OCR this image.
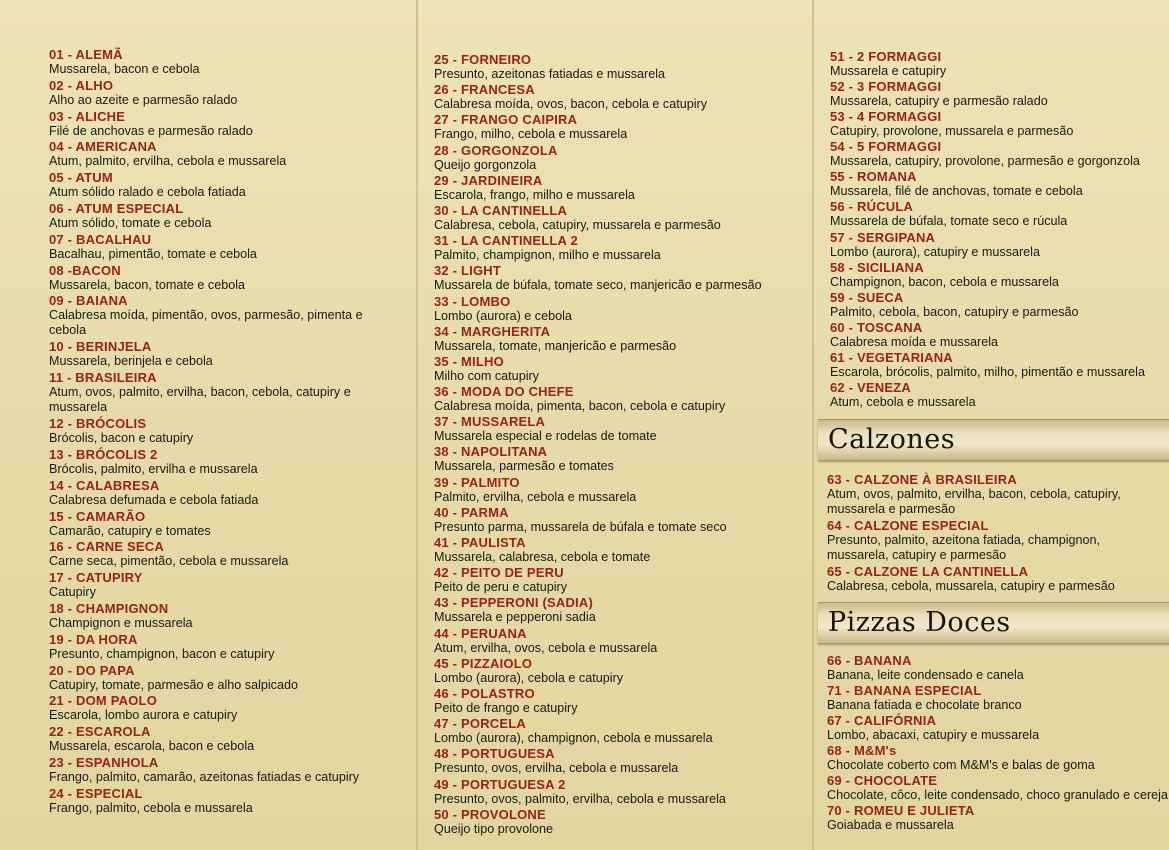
01 - ALEMÃ
Mussarela, bacon e cebola
02 - ALHO
Alho ao azeite e parmesão ralado
03 - ALICHE
Filé de anchovas e parmesão ralado
04 - AMERICANA
Atum, palmito, ervilha, cebola e mussarela
05 - ATUM
Atum sólido ralado e cebola fatiada
06 - ATUM ESPECIAL
Atum sólido, tomate e cebola
07 - BACALHAU
Bacalhau, pimentão, tomate e cebola
08 -BACON
Mussarela, bacon, tomate e cebola
09 - BAIANA
Calabresa moída, pimentão, ovos, parmesão, pimenta e cebola
10 - BERINJELA
Mussarela, berinjela e cebola
11 - BRASILEIRA
Atum, ovos, palmito, ervilha, bacon, cebola, catupiry e mussarela
12 - BRÓCOLIS
Brócolis, bacon e catupiry
13 - BRÓCOLIS 2
Brócolis, palmito, ervilha e mussarela
14 - CALABRESA
Calabresa defumada e cebola fatiada
15 - CAMARÃO
Camarão, catupiry e tomates
16 - CARNE SECA
Carne seca, pimentão, cebola e mussarela
17 - CATUPIRY
Catupiry
18 - CHAMPIGNON
Champignon e mussarela
19 - DA HORA
Presunto, champignon, bacon e catupiry
20 - DO PAPA
Catupiry, tomate, parmesão e alho salpicado
21 - DOM PAOLO
Escarola, lombo aurora e catupiry
22 - ESCAROLA
Mussarela, escarola, bacon e cebola
23 - ESPANHOLA
Frango, palmito, camarão, azeitonas fatiadas e catupiry
24 - ESPECIAL
Frango, palmito, cebola e mussarela
25 - FORNEIRO
Presunto, azeitonas fatiadas e mussarela
26 - FRANCESA
Calabresa moída, ovos, bacon, cebola e catupiry
27 - FRANGO CAIPIRA
Frango, milho, cebola e mussarela
28 - GORGONZOLA
Queijo gorgonzola
29 - JARDINEIRA
Escarola, frango, milho e mussarela
30 - LA CANTINELLA
Calabresa, cebola, catupiry, mussarela e parmesão
31 - LA CANTINELLA 2
Palmito, champignon, milho e mussarela
32 - LIGHT
Mussarela de búfala, tomate seco, manjericão e parmesão
33 - LOMBO
Lombo (aurora) e cebola
34 - MARGHERITA
Mussarela, tomate, manjericão e parmesão
35 - MILHO
Milho com catupiry
36 - MODA DO CHEFE
Calabresa moída, pimenta, bacon, cebola e catupiry
37 - MUSSARELA
Mussarela especial e rodelas de tomate
38 - NAPOLITANA
Mussarela, parmesão e tomates
39 - PALMITO
Palmito, ervilha, cebola e mussarela
40 - PARMA
Presunto parma, mussarela de búfala e tomate seco
41 - PAULISTA
Mussarela, calabresa, cebola e tomate
42 - PEITO DE PERU
Peito de peru e catupiry
43 - PEPPERONI (SADIA)
Mussarela e pepperoni sadia
44 - PERUANA
Atum, ervilha, ovos, cebola e mussarela
45 - PIZZAIOLO
Lombo (aurora), cebola e catupiry
46 - POLASTRO
Peito de frango e catupiry
47 - PORCELA
Lombo (aurora), champignon, cebola e mussarela
48 - PORTUGUESA
Presunto, ovos, ervilha, cebola e mussarela
49 - PORTUGUESA 2
Presunto, ovos, palmito, ervilha, cebola e mussarela
50 - PROVOLONE
Queijo tipo provolone
51 - 2 FORMAGGI
Mussarela e catupiry
52 - 3 FORMAGGI
Mussarela, catupiry e parmesão ralado
53 - 4 FORMAGGI
Catupiry, provolone, mussarela e parmesão
54 - 5 FORMAGGI
Mussarela, catupiry, provolone, parmesão e gorgonzola
55 - ROMANA
Mussarela, filé de anchovas, tomate e cebola
56 - RÚCULA
Mussarela de búfala, tomate seco e rúcula
57 - SERGIPANA
Lombo (aurora), catupiry e mussarela
58 - SICILIANA
Champignon, bacon, cebola e mussarela
59 - SUECA
Palmito, cebola, bacon, catupiry e parmesão
60 - TOSCANA
Calabresa moída e mussarela
61 - VEGETARIANA
Escarola, brócolis, palmito, milho, pimentão e mussarela
62 - VENEZA
Atum, cebola e mussarela
Calzones
63 - CALZONE À BRASILEIRA
Atum, ovos, palmito, ervilha, bacon, cebola, catupiry, mussarela e parmesão
64 - CALZONE ESPECIAL
Presunto, palmito, azeitona fatiada, champignon, mussarela, catupiry e parmesão
65 - CALZONE LA CANTINELLA
Calabresa, cebola, mussarela, catupiry e parmesão
Pizzas Doces
66 - BANANA
Banana, leite condensado e canela
71 - BANANA ESPECIAL
Banana fatiada e chocolate branco
67 - CALIFÓRNIA
Lombo, abacaxi, catupiry e mussarela
68 - M&M's
Chocolate coberto com M&M's e balas de goma
69 - CHOCOLATE
Chocolate, côco, leite condensado, choco granulado e cereja
70 - ROMEU E JULIETA
Goiabada e mussarela
